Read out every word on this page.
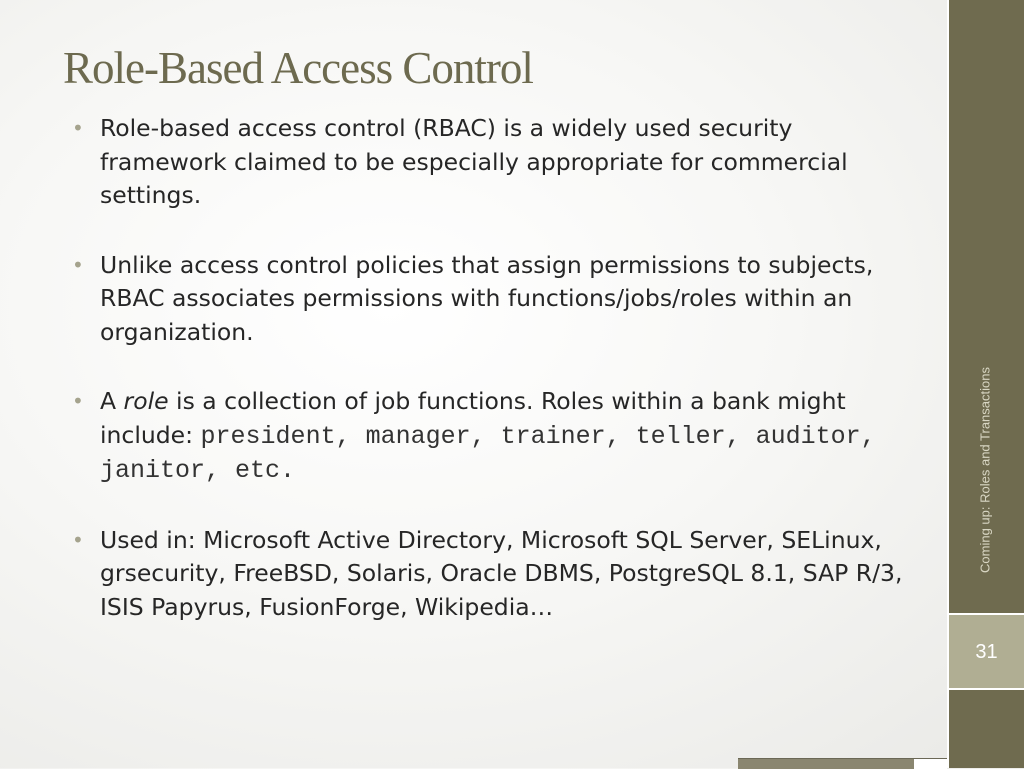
Role-Based Access Control
• Role-based access control (RBAC) is a widely used security framework claimed to be especially appropriate for commercial settings.
• Unlike access control policies that assign permissions to subjects, RBAC associates permissions with functions/jobs/roles within an organization.
• A role is a collection of job functions. Roles within a bank might include: president, manager, trainer, teller, auditor, janitor, etc.
• Used in: Microsoft Active Directory, Microsoft SQL Server, SELinux, grsecurity, FreeBSD, Solaris, Oracle DBMS, PostgreSQL 8.1, SAP R/3, ISIS Papyrus, FusionForge, Wikipedia…
Coming up: Roles and Transactions
31
